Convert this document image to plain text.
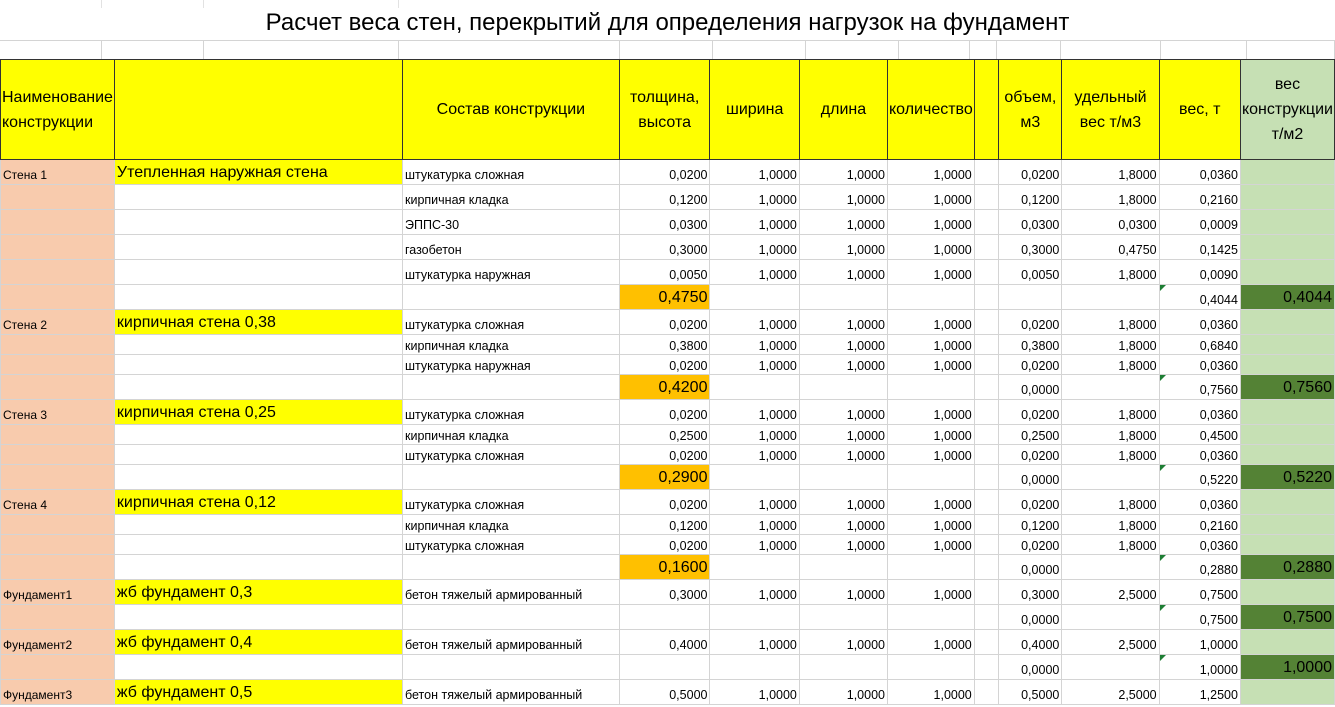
Расчет веса стен, перекрытий для определения нагрузок на фундамент
Наименование конструкции			Состав конструкции	толщина, высота	ширина	длина	количество		объем, м3	удельный вес т/м3	вес, т	вес конструкции т/м2
Стена 1	Утепленная наружная стена		штукатурка сложная	0,0200	1,0000	1,0000	1,0000		0,0200	1,8000	0,0360	
			кирпичная кладка	0,1200	1,0000	1,0000	1,0000		0,1200	1,8000	0,2160	
			ЭППС-30	0,0300	1,0000	1,0000	1,0000		0,0300	0,0300	0,0009	
			газобетон	0,3000	1,0000	1,0000	1,0000		0,3000	0,4750	0,1425	
			штукатурка наружная	0,0050	1,0000	1,0000	1,0000		0,0050	1,8000	0,0090	
				0,4750							0,4044	0,4044
Стена 2	кирпичная стена 0,38		штукатурка сложная	0,0200	1,0000	1,0000	1,0000		0,0200	1,8000	0,0360	
			кирпичная кладка	0,3800	1,0000	1,0000	1,0000		0,3800	1,8000	0,6840	
			штукатурка наружная	0,0200	1,0000	1,0000	1,0000		0,0200	1,8000	0,0360	
				0,4200					0,0000		0,7560	0,7560
Стена 3	кирпичная стена 0,25		штукатурка сложная	0,0200	1,0000	1,0000	1,0000		0,0200	1,8000	0,0360	
			кирпичная кладка	0,2500	1,0000	1,0000	1,0000		0,2500	1,8000	0,4500	
			штукатурка сложная	0,0200	1,0000	1,0000	1,0000		0,0200	1,8000	0,0360	
				0,2900					0,0000		0,5220	0,5220
Стена 4	кирпичная стена 0,12		штукатурка сложная	0,0200	1,0000	1,0000	1,0000		0,0200	1,8000	0,0360	
			кирпичная кладка	0,1200	1,0000	1,0000	1,0000		0,1200	1,8000	0,2160	
			штукатурка сложная	0,0200	1,0000	1,0000	1,0000		0,0200	1,8000	0,0360	
				0,1600					0,0000		0,2880	0,2880
Фундамент1	жб фундамент 0,3		бетон тяжелый армированный	0,3000	1,0000	1,0000	1,0000		0,3000	2,5000	0,7500	
									0,0000		0,7500	0,7500
Фундамент2	жб фундамент 0,4		бетон тяжелый армированный	0,4000	1,0000	1,0000	1,0000		0,4000	2,5000	1,0000	
									0,0000		1,0000	1,0000
Фундамент3	жб фундамент 0,5		бетон тяжелый армированный	0,5000	1,0000	1,0000	1,0000		0,5000	2,5000	1,2500	
